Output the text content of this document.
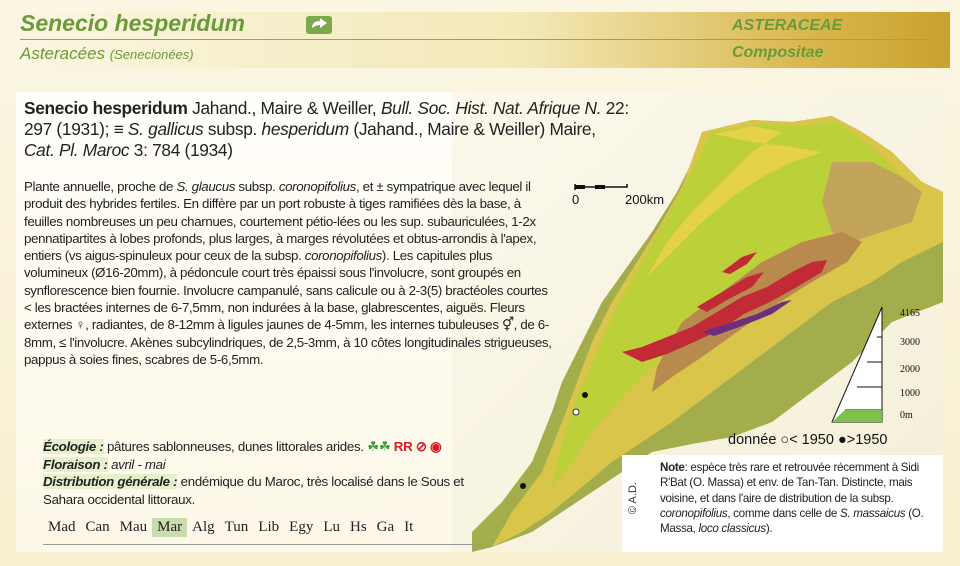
Senecio hesperidum
Asteracées (Senecionées)
ASTERACEAE
Compositae
0	200km
4165
3000
2000
1000
0m
donnée ○< 1950 ●>1950
Senecio hesperidum Jahand., Maire & Weiller, Bull. Soc. Hist. Nat. Afrique N. 22: 297 (1931); ≡ S. gallicus subsp. hesperidum (Jahand., Maire & Weiller) Maire,
Cat. Pl. Maroc 3: 784 (1934)
Plante annuelle, proche de S. glaucus subsp. coronopifolius, et ± sympatrique avec lequel il produit des hybrides fertiles. En diffère par un port robuste à tiges ramifiées dès la base, à feuilles nombreuses un peu charnues, courtement pétio-lées ou les sup. subauriculées, 1-2x pennatipartites à lobes profonds, plus larges, à marges révolutées et obtus-arrondis à l'apex, entiers (vs aigus-spinuleux pour ceux de la subsp. coronopifolius). Les capitules plus volumineux (Ø16-20mm), à pédoncule court très épaissi sous l'involucre, sont groupés en synflorescence bien fournie. Involucre campanulé, sans calicule ou à 2-3(5) bractéoles courtes < les bractées internes de 6-7,5mm, non indurées à la base, glabrescentes, aiguës. Fleurs externes ♀, radiantes, de 8-12mm à ligules jaunes de 4-5mm, les internes tubuleuses ⚥, de 6-8mm, ≤ l'involucre. Akènes subcylindriques, de 2,5-3mm, à 10 côtes longitudinales strigueuses, pappus à soies fines, scabres de 5-6,5mm.
Écologie : pâtures sablonneuses, dunes littorales arides. ☘☘ RR ⊘ ◉
Floraison : avril - mai
Distribution générale : endémique du Maroc, très localisé dans le Sous et Sahara occidental littoraux.
Mad Can Mau Mar Alg Tun Lib Egy Lu Hs Ga It
© A.D.
Note: espèce très rare et retrouvée récemment à Sidi R'Bat (O. Massa) et env. de Tan-Tan. Distincte, mais voisine, et dans l'aire de distribution de la subsp. coronopifolius, comme dans celle de S. massaicus (O. Massa, loco classicus).
